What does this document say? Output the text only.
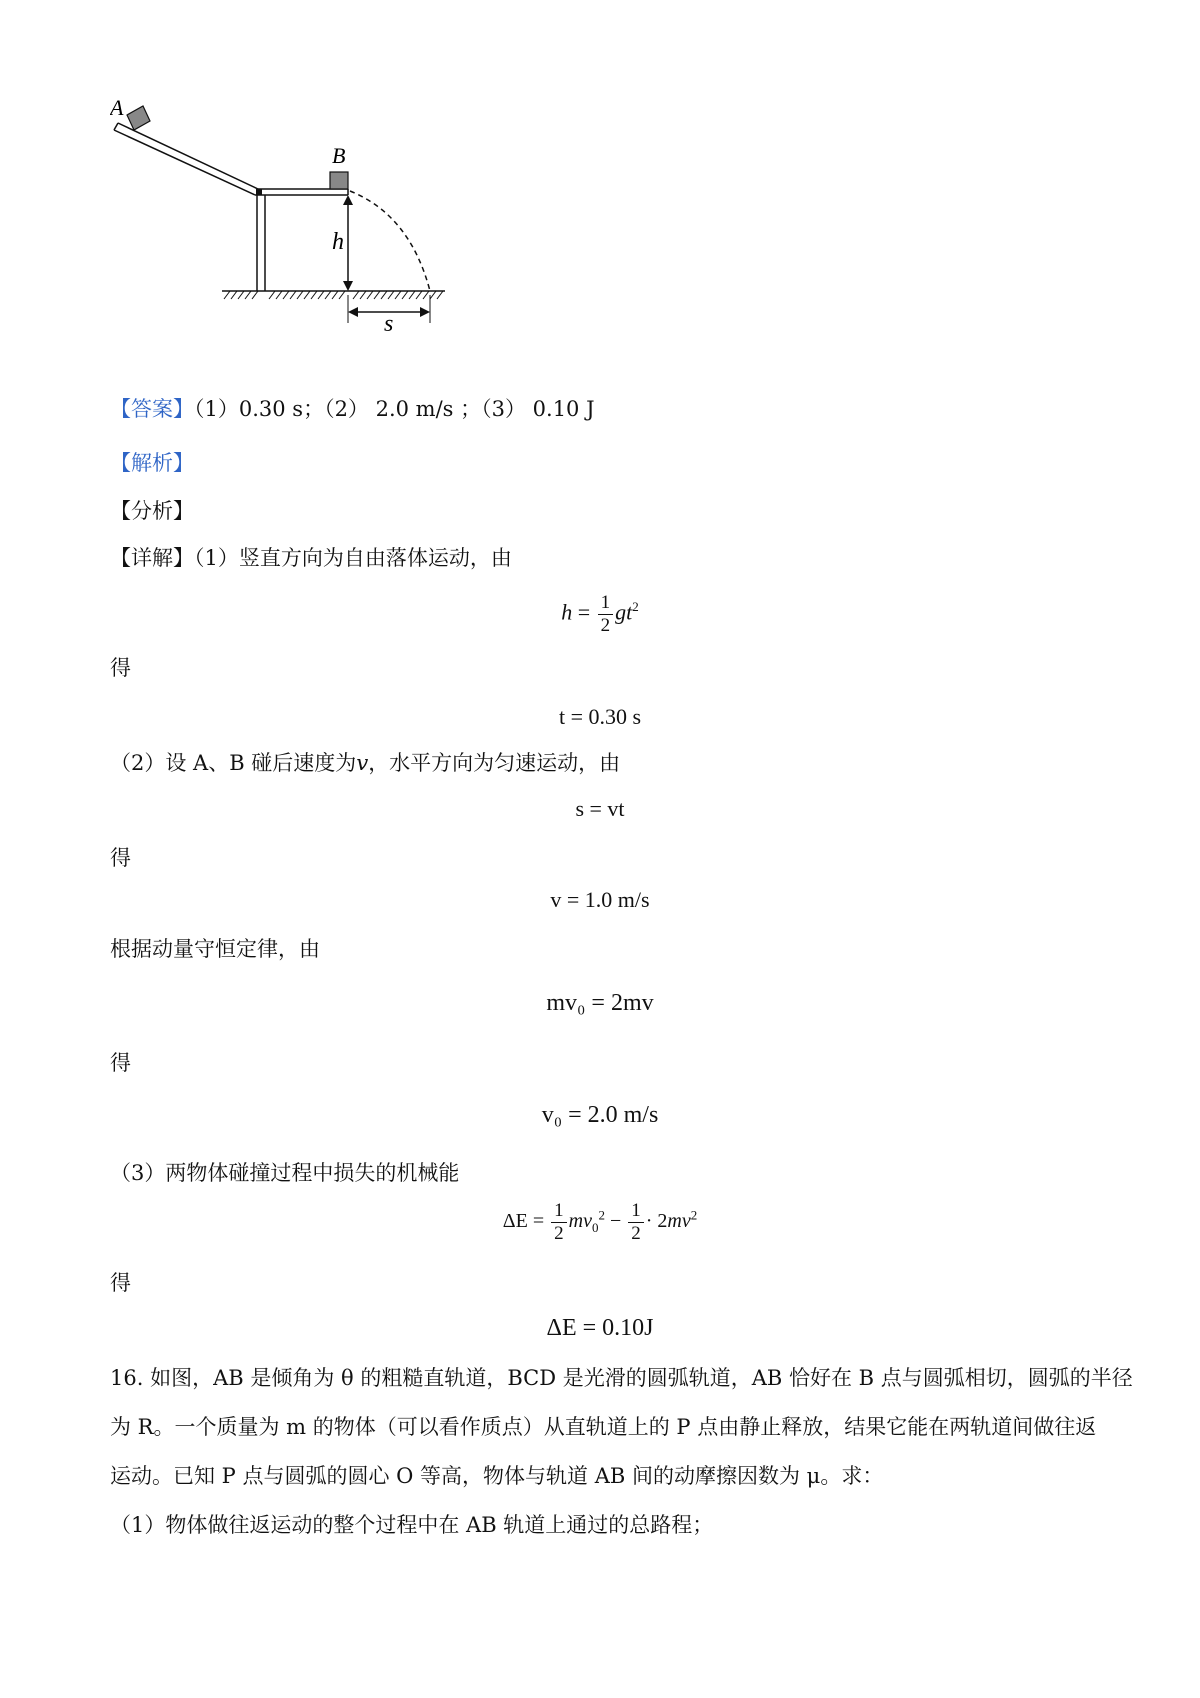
A
B
h
s
【答案】（1）0.30 s；（2） 2.0 m/s ；（3） 0.10 J
【解析】
【分析】
【详解】（1）竖直方向为自由落体运动，由
$h = \frac{1}{2} gt^2$
得
t = 0.30 s
（2）设 A、B 碰后速度为v，水平方向为匀速运动，由
s = vt
得
v = 1.0 m/s
根据动量守恒定律，由
mv₀ = 2mv
得
v₀ = 2.0 m/s
（3）两物体碰撞过程中损失的机械能
$\Delta E = \frac{1}{2} mv_0^2 - \frac{1}{2} \cdot 2mv^2$
得
ΔE = 0.10J
16. 如图，AB 是倾角为 θ 的粗糙直轨道，BCD 是光滑的圆弧轨道，AB 恰好在 B 点与圆弧相切，圆弧的半径
为 R。一个质量为 m 的物体（可以看作质点）从直轨道上的 P 点由静止释放，结果它能在两轨道间做往返
运动。已知 P 点与圆弧的圆心 O 等高，物体与轨道 AB 间的动摩擦因数为 μ。求：
（1）物体做往返运动的整个过程中在 AB 轨道上通过的总路程；
